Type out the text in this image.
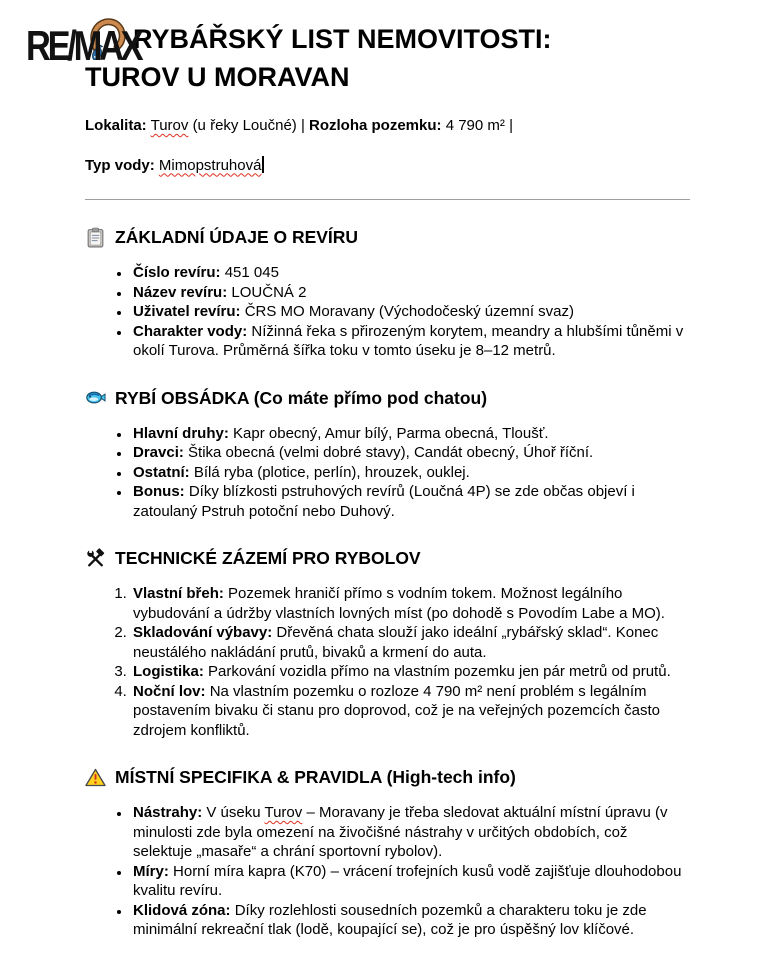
RE/MAX
RYBÁŘSKÝ LIST NEMOVITOSTI:
TUROV U MORAVAN

Lokalita: Turov (u řeky Loučné) | Rozloha pozemku: 4 790 m² |

Typ vody: Mimopstruhová

ZÁKLADNÍ ÚDAJE O REVÍRU
• Číslo revíru: 451 045
• Název revíru: LOUČNÁ 2
• Uživatel revíru: ČRS MO Moravany (Východočeský územní svaz)
• Charakter vody: Nížinná řeka s přirozeným korytem, meandry a hlubšími tůněmi v okolí Turova. Průměrná šířka toku v tomto úseku je 8–12 metrů.
RYBÍ OBSÁDKA (Co máte přímo pod chatou)
• Hlavní druhy: Kapr obecný, Amur bílý, Parma obecná, Tloušť.
• Dravci: Štika obecná (velmi dobré stavy), Candát obecný, Úhoř říční.
• Ostatní: Bílá ryba (plotice, perlín), hrouzek, ouklej.
• Bonus: Díky blízkosti pstruhových revírů (Loučná 4P) se zde občas objeví i zatoulaný Pstruh potoční nebo Duhový.
TECHNICKÉ ZÁZEMÍ PRO RYBOLOV
1. Vlastní břeh: Pozemek hraničí přímo s vodním tokem. Možnost legálního vybudování a údržby vlastních lovných míst (po dohodě s Povodím Labe a MO).
2. Skladování výbavy: Dřevěná chata slouží jako ideální „rybářský sklad“. Konec neustálého nakládání prutů, bivaků a krmení do auta.
3. Logistika: Parkování vozidla přímo na vlastním pozemku jen pár metrů od prutů.
4. Noční lov: Na vlastním pozemku o rozloze 4 790 m² není problém s legálním postavením bivaku či stanu pro doprovod, což je na veřejných pozemcích často zdrojem konfliktů.
MÍSTNÍ SPECIFIKA & PRAVIDLA (High-tech info)
• Nástrahy: V úseku Turov – Moravany je třeba sledovat aktuální místní úpravu (v minulosti zde byla omezení na živočišné nástrahy v určitých obdobích, což selektuje „masaře“ a chrání sportovní rybolov).
• Míry: Horní míra kapra (K70) – vrácení trofejních kusů vodě zajišťuje dlouhodobou kvalitu revíru.
• Klidová zóna: Díky rozlehlosti sousedních pozemků a charakteru toku je zde minimální rekreační tlak (lodě, koupající se), což je pro úspěšný lov klíčové.
